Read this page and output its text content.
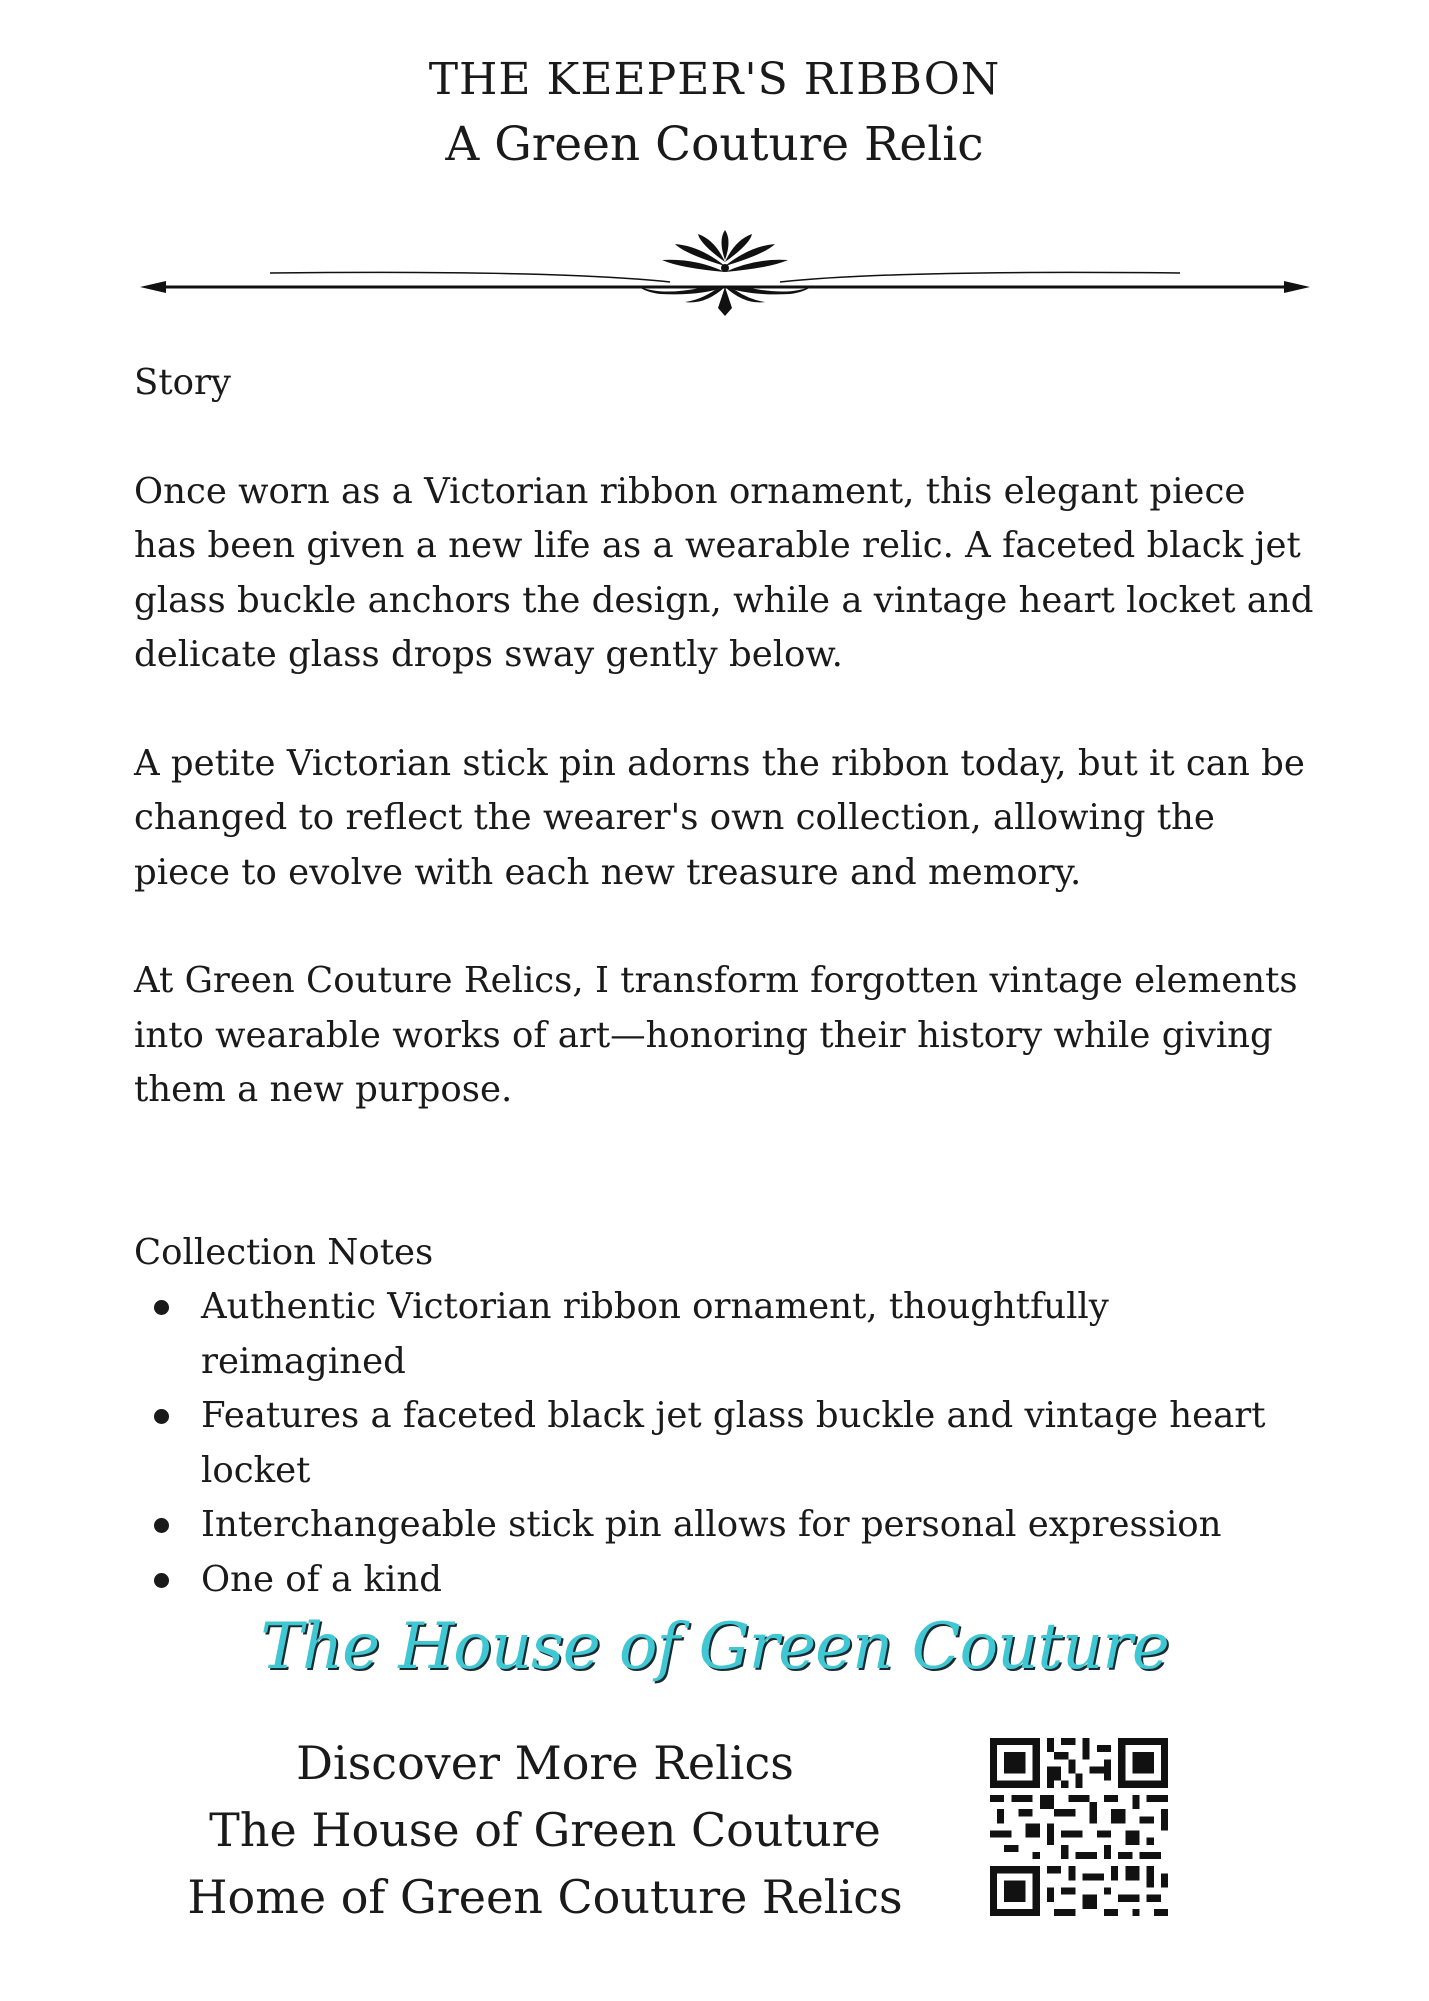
THE KEEPER'S RIBBON
A Green Couture Relic

Story

Once worn as a Victorian ribbon ornament, this elegant piece has been given a new life as a wearable relic. A faceted black jet glass buckle anchors the design, while a vintage heart locket and delicate glass drops sway gently below.

A petite Victorian stick pin adorns the ribbon today, but it can be changed to reflect the wearer's own collection, allowing the piece to evolve with each new treasure and memory.

At Green Couture Relics, I transform forgotten vintage elements into wearable works of art—honoring their history while giving them a new purpose.

Collection Notes

Authentic Victorian ribbon ornament, thoughtfully reimagined
Features a faceted black jet glass buckle and vintage heart locket
Interchangeable stick pin allows for personal expression
One of a kind
The House of Green Couture
Discover More Relics
The House of Green Couture
Home of Green Couture Relics
